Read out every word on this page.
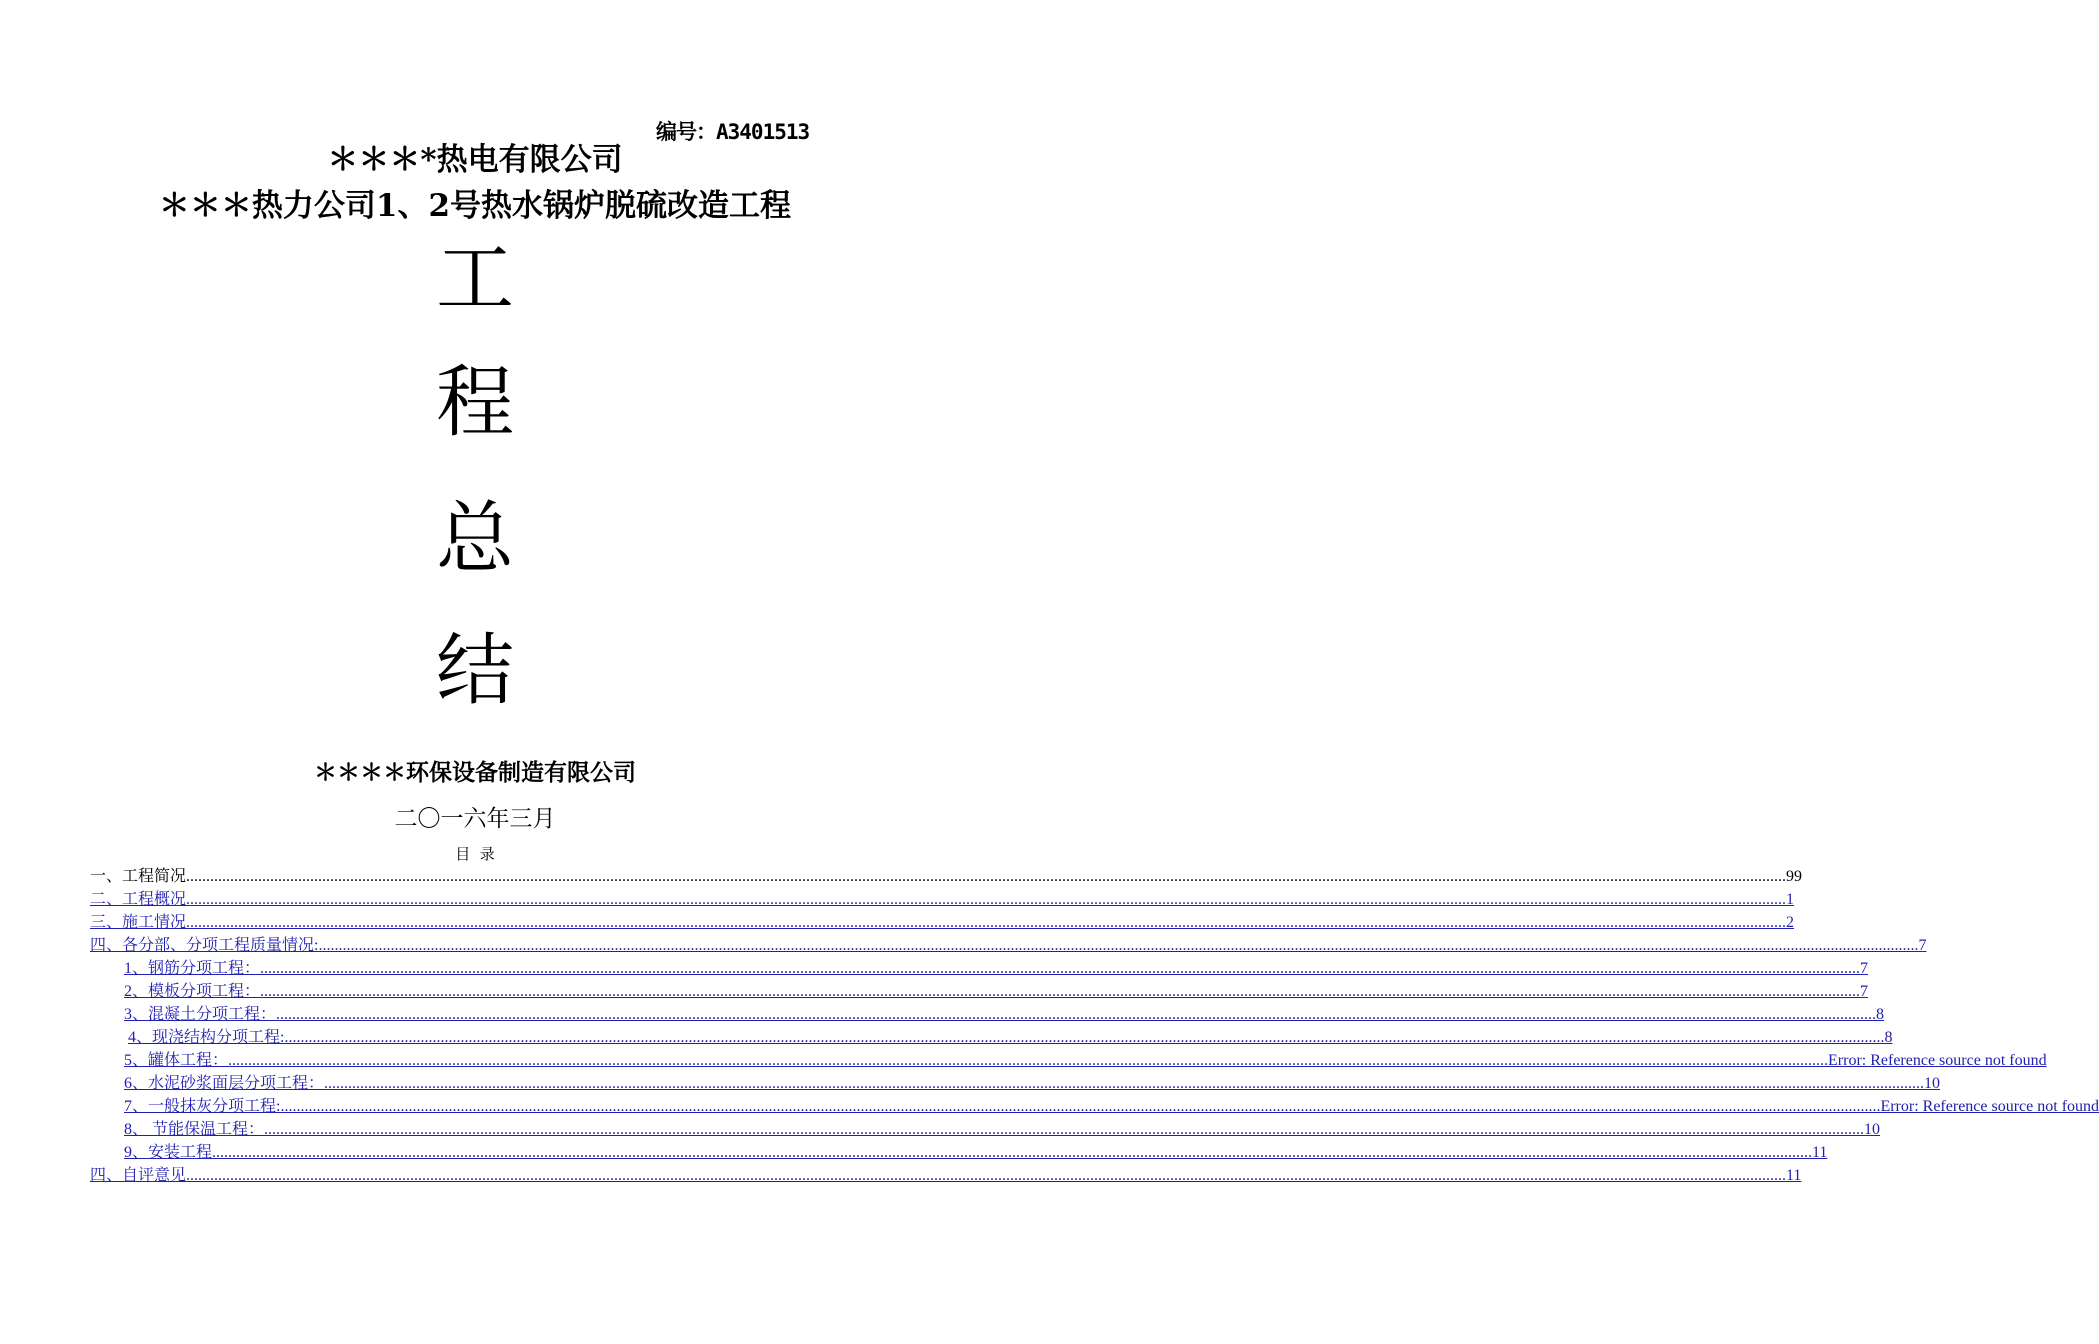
编号：A3401513
＊＊＊*热电有限公司
＊＊＊热力公司1、2号热水锅炉脱硫改造工程
工
程
总
结
＊＊＊＊环保设备制造有限公司
二〇一六年三月
目  录
一、工程简况 ................................................................................................................................................................................................................................................................................................................................................................................................................ 99
二、工程概况 ................................................................................................................................................................................................................................................................................................................................................................................................................ 1
三、施工情况 ................................................................................................................................................................................................................................................................................................................................................................................................................ 2
四、各分部、分项工程质量情况: ................................................................................................................................................................................................................................................................................................................................................................................................................ 7
1、钢筋分项工程： ................................................................................................................................................................................................................................................................................................................................................................................................................ 7
2、模板分项工程： ................................................................................................................................................................................................................................................................................................................................................................................................................ 7
3、混凝土分项工程： ................................................................................................................................................................................................................................................................................................................................................................................................................ 8
4、现浇结构分项工程: ................................................................................................................................................................................................................................................................................................................................................................................................................ 8
5、罐体工程： ................................................................................................................................................................................................................................................................................................................................................................................................................ Error: Reference source not found
6、水泥砂浆面层分项工程： ................................................................................................................................................................................................................................................................................................................................................................................................................ 10
7、一般抹灰分项工程: ................................................................................................................................................................................................................................................................................................................................................................................................................ Error: Reference source not found
8、 节能保温工程： ................................................................................................................................................................................................................................................................................................................................................................................................................ 10
9、安装工程 ................................................................................................................................................................................................................................................................................................................................................................................................................ 11
四、自评意见 ................................................................................................................................................................................................................................................................................................................................................................................................................ 11
